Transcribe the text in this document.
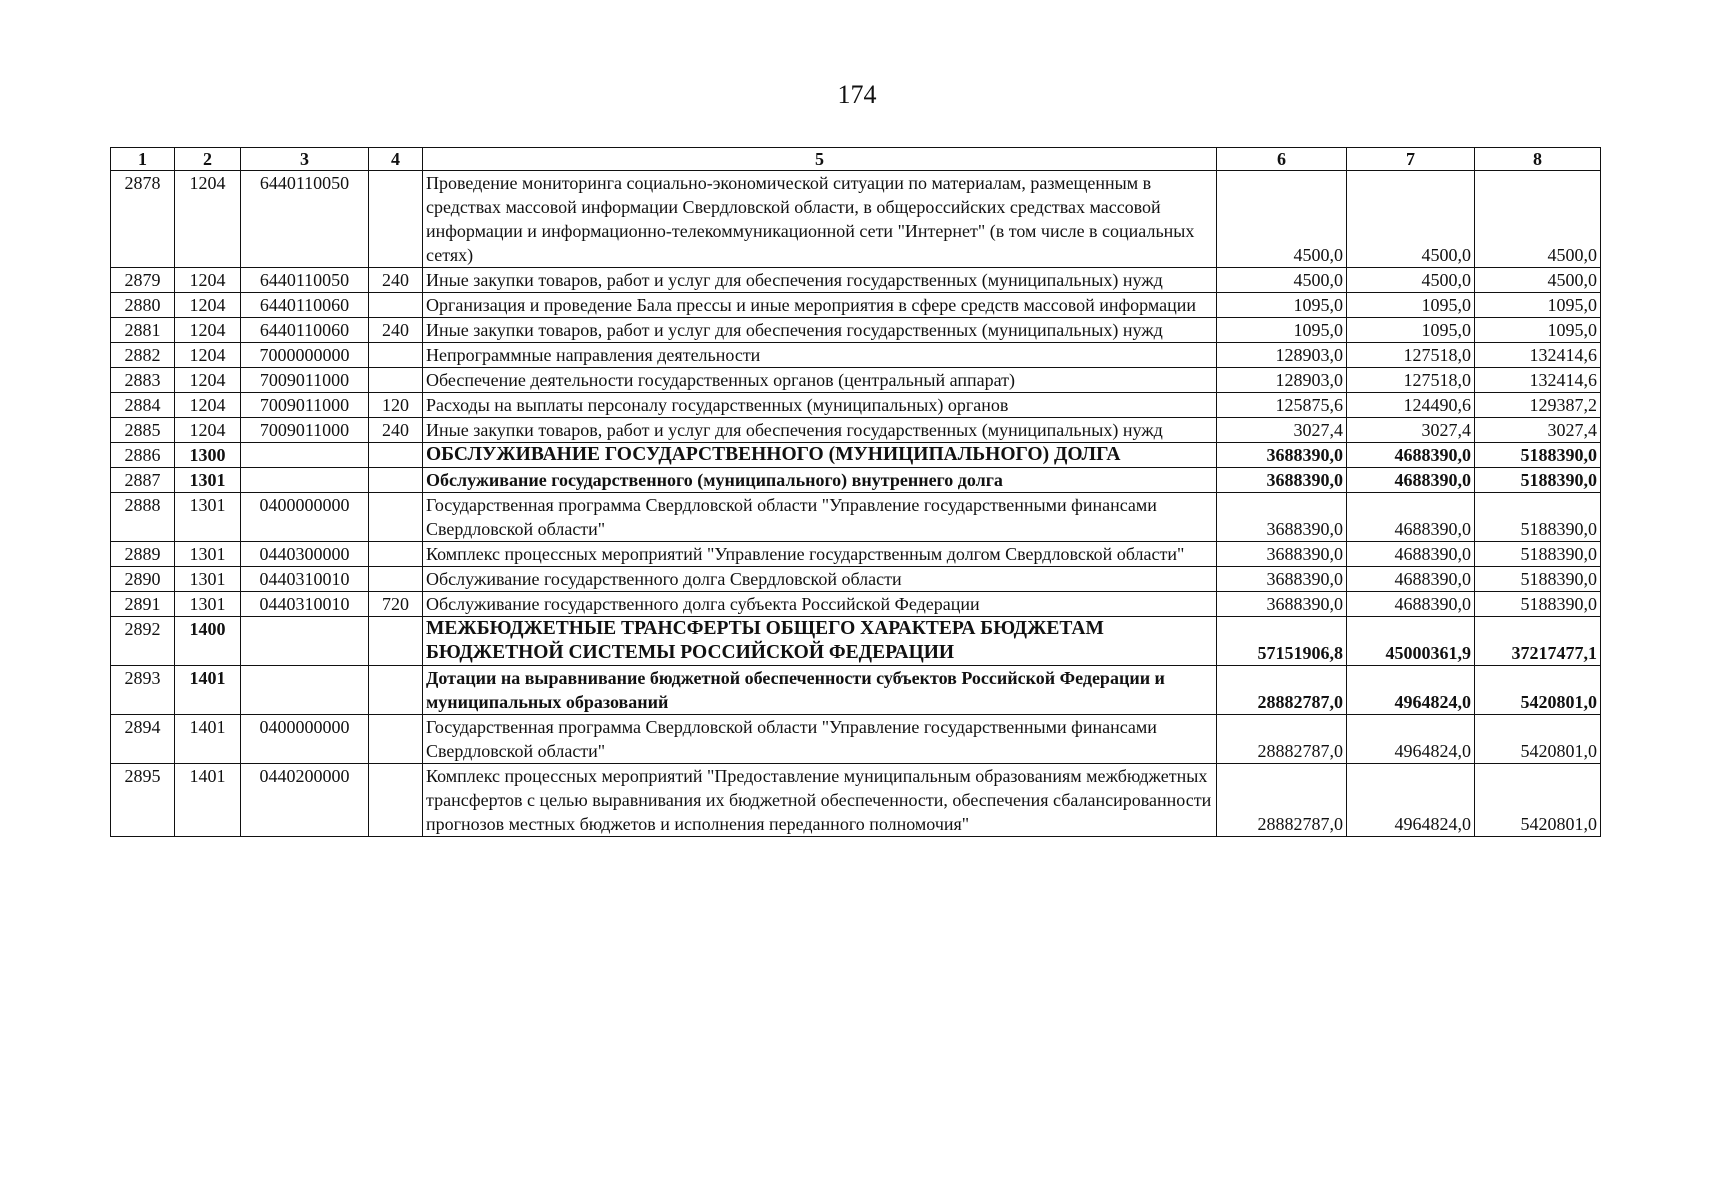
174
1	2	3	4	5	6	7	8
2878	1204	6440110050		Проведение мониторинга социально-экономической ситуации по материалам, размещенным в средствах массовой информации Свердловской области, в общероссийских средствах массовой информации и информационно-телекоммуникационной сети "Интернет" (в том числе в социальных сетях)	4500,0	4500,0	4500,0
2879	1204	6440110050	240	Иные закупки товаров, работ и услуг для обеспечения государственных (муниципальных) нужд	4500,0	4500,0	4500,0
2880	1204	6440110060		Организация и проведение Бала прессы и иные мероприятия в сфере средств массовой информации	1095,0	1095,0	1095,0
2881	1204	6440110060	240	Иные закупки товаров, работ и услуг для обеспечения государственных (муниципальных) нужд	1095,0	1095,0	1095,0
2882	1204	7000000000		Непрограммные направления деятельности	128903,0	127518,0	132414,6
2883	1204	7009011000		Обеспечение деятельности государственных органов (центральный аппарат)	128903,0	127518,0	132414,6
2884	1204	7009011000	120	Расходы на выплаты персоналу государственных (муниципальных) органов	125875,6	124490,6	129387,2
2885	1204	7009011000	240	Иные закупки товаров, работ и услуг для обеспечения государственных (муниципальных) нужд	3027,4	3027,4	3027,4
2886	1300			ОБСЛУЖИВАНИЕ ГОСУДАРСТВЕННОГО (МУНИЦИПАЛЬНОГО) ДОЛГА	3688390,0	4688390,0	5188390,0
2887	1301			Обслуживание государственного (муниципального) внутреннего долга	3688390,0	4688390,0	5188390,0
2888	1301	0400000000		Государственная программа Свердловской области "Управление государственными финансами Свердловской области"	3688390,0	4688390,0	5188390,0
2889	1301	0440300000		Комплекс процессных мероприятий "Управление государственным долгом Свердловской области"	3688390,0	4688390,0	5188390,0
2890	1301	0440310010		Обслуживание государственного долга Свердловской области	3688390,0	4688390,0	5188390,0
2891	1301	0440310010	720	Обслуживание государственного долга субъекта Российской Федерации	3688390,0	4688390,0	5188390,0
2892	1400			МЕЖБЮДЖЕТНЫЕ ТРАНСФЕРТЫ ОБЩЕГО ХАРАКТЕРА БЮДЖЕТАМ БЮДЖЕТНОЙ СИСТЕМЫ РОССИЙСКОЙ ФЕДЕРАЦИИ	57151906,8	45000361,9	37217477,1
2893	1401			Дотации на выравнивание бюджетной обеспеченности субъектов Российской Федерации и муниципальных образований	28882787,0	4964824,0	5420801,0
2894	1401	0400000000		Государственная программа Свердловской области "Управление государственными финансами Свердловской области"	28882787,0	4964824,0	5420801,0
2895	1401	0440200000		Комплекс процессных мероприятий "Предоставление муниципальным образованиям межбюджетных трансфертов с целью выравнивания их бюджетной обеспеченности, обеспечения сбалансированности прогнозов местных бюджетов и исполнения переданного полномочия"	28882787,0	4964824,0	5420801,0
